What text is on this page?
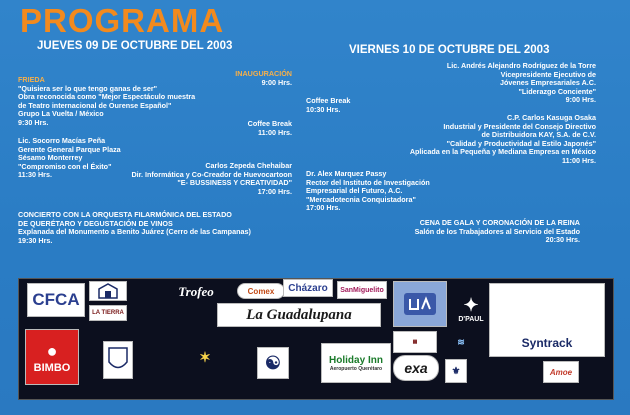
PROGRAMA
JUEVES 09 DE OCTUBRE DEL 2003	VIERNES 10 DE OCTUBRE DEL 2003
INAUGURACIÓN
9:00 Hrs.
FRIEDA
"Quisiera ser lo que tengo ganas de ser"
Obra reconocida como "Mejor Espectáculo muestra
de Teatro internacional de Ourense Español"
Grupo La Vuelta / México
9:30 Hrs.	Coffee Break
11:00 Hrs.
Lic. Socorro Macías Peña
Gerente General Parque Plaza
Sésamo Monterrey
"Compromiso con el Éxito"
11:30 Hrs.
Carlos Zepeda Chehaibar
Dir. Informática y Co-Creador de Huevocartoon
"E- BUSSINESS Y CREATIVIDAD"
17:00 Hrs.
CONCIERTO CON LA ORQUESTA FILARMÓNICA DEL ESTADO
DE QUERÉTARO Y DEGUSTACIÓN DE VINOS
Explanada del Monumento a Benito Juárez (Cerro de las Campanas)
19:30 Hrs.
Lic. Andrés Alejandro Rodríguez de la Torre
Vicepresidente Ejecutivo de
Jóvenes Empresariales A.C.
"Liderazgo Conciente"
9:00 Hrs.
Coffee Break
10:30 Hrs.
C.P. Carlos Kasuga Osaka
Industrial y Presidente del Consejo Directivo
de Distribuidora KAY, S.A. de C.V.
"Calidad y Productividad al Estilo Japonés"
Aplicada en la Pequeña y Mediana Empresa en México
11:00 Hrs.
Dr. Alex Marquez Passy
Rector del Instituto de Investigación
Empresarial del Futuro, A.C.
"Mercadotecnia Conquistadora"
17:00 Hrs.
CENA DE GALA Y CORONACIÓN DE LA REINA
Salón de los Trabajadores al Servicio del Estado
20:30 Hrs.
CFCA
LA TIERRA
Trofeo	Comex	Cházaro	SanMiguelito
La Guadalupana	✦
D'PAUL
Syntrack
●
BIMBO
✶	☯	Holiday Inn
Aeropuerto Querétaro
▦
exa	⚜
≋
Amoe
